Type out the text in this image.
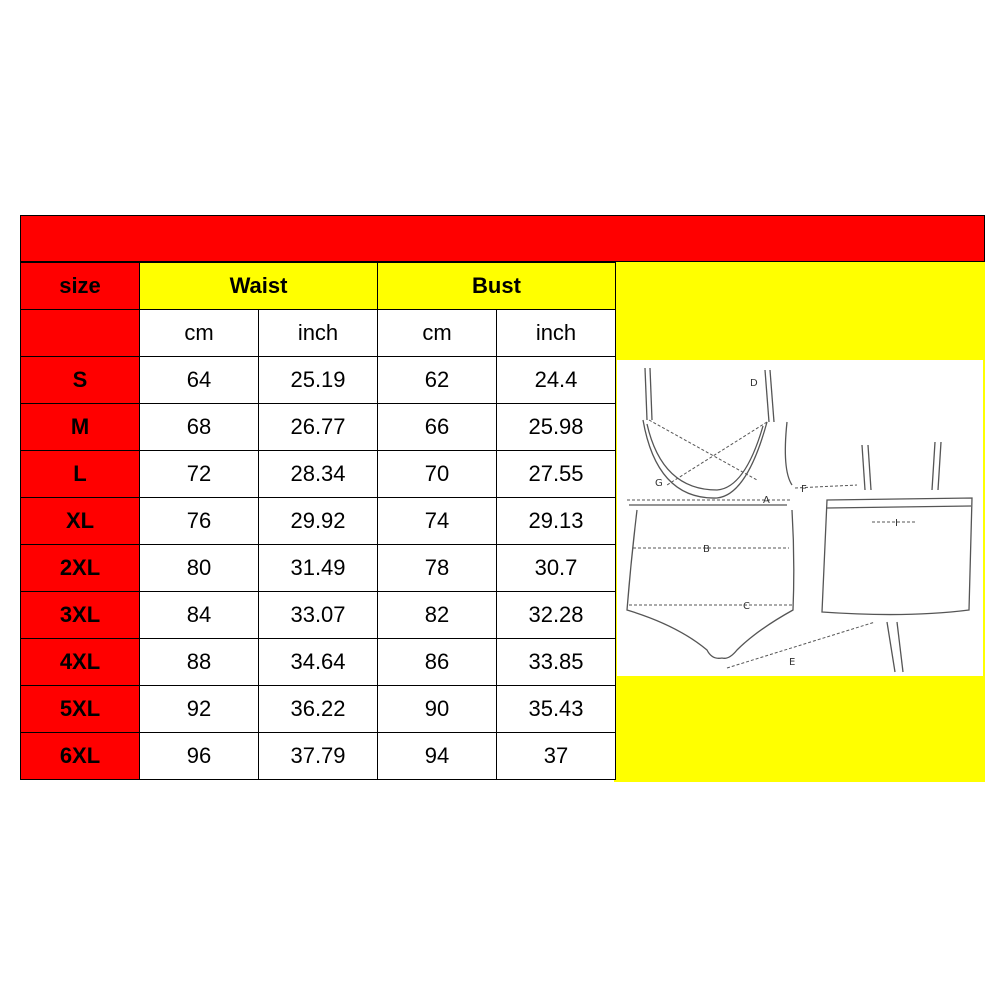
size	Waist		Bust	
	cm	inch	cm	inch
S	64	25.19	62	24.4
M	68	26.77	66	25.98
L	72	28.34	70	27.55
XL	76	29.92	74	29.13
2XL	80	31.49	78	30.7
3XL	84	33.07	82	32.28
4XL	88	34.64	86	33.85
5XL	92	36.22	90	35.43
6XL	96	37.79	94	37
D
A
B
C
E
F
G
I
